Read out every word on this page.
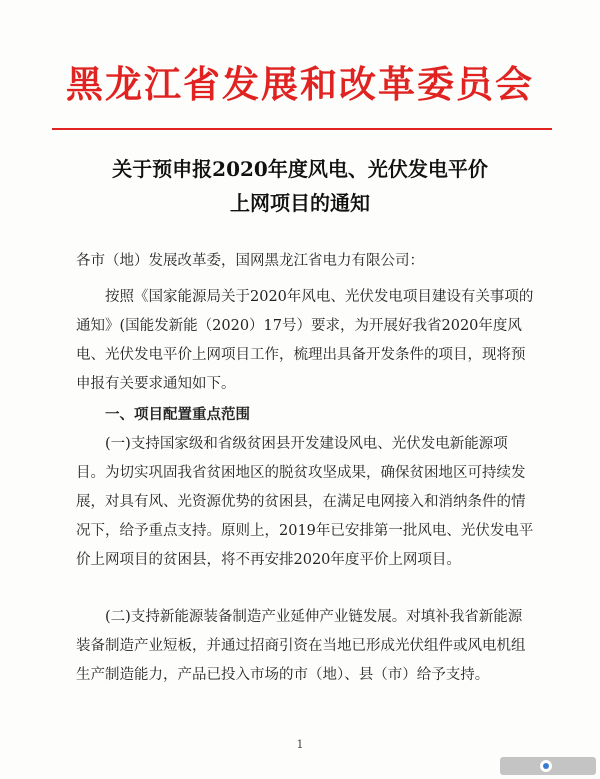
黑龙江省发展和改革委员会
关于预申报2020年度风电、光伏发电平价
上网项目的通知
各市（地）发展改革委，国网黑龙江省电力有限公司：
按照《国家能源局关于2020年风电、光伏发电项目建设有关事项的通知》(国能发新能（2020）17号）要求，为开展好我省2020年度风电、光伏发电平价上网项目工作，梳理出具备开发条件的项目，现将预申报有关要求通知如下。
一、项目配置重点范围
(一)支持国家级和省级贫困县开发建设风电、光伏发电新能源项目。为切实巩固我省贫困地区的脱贫攻坚成果，确保贫困地区可持续发展，对具有风、光资源优势的贫困县，在满足电网接入和消纳条件的情况下，给予重点支持。原则上，2019年已安排第一批风电、光伏发电平价上网项目的贫困县，将不再安排2020年度平价上网项目。
(二)支持新能源装备制造产业延伸产业链发展。对填补我省新能源装备制造产业短板，并通过招商引资在当地已形成光伏组件或风电机组生产制造能力，产品已投入市场的市（地）、县（市）给予支持。
1
